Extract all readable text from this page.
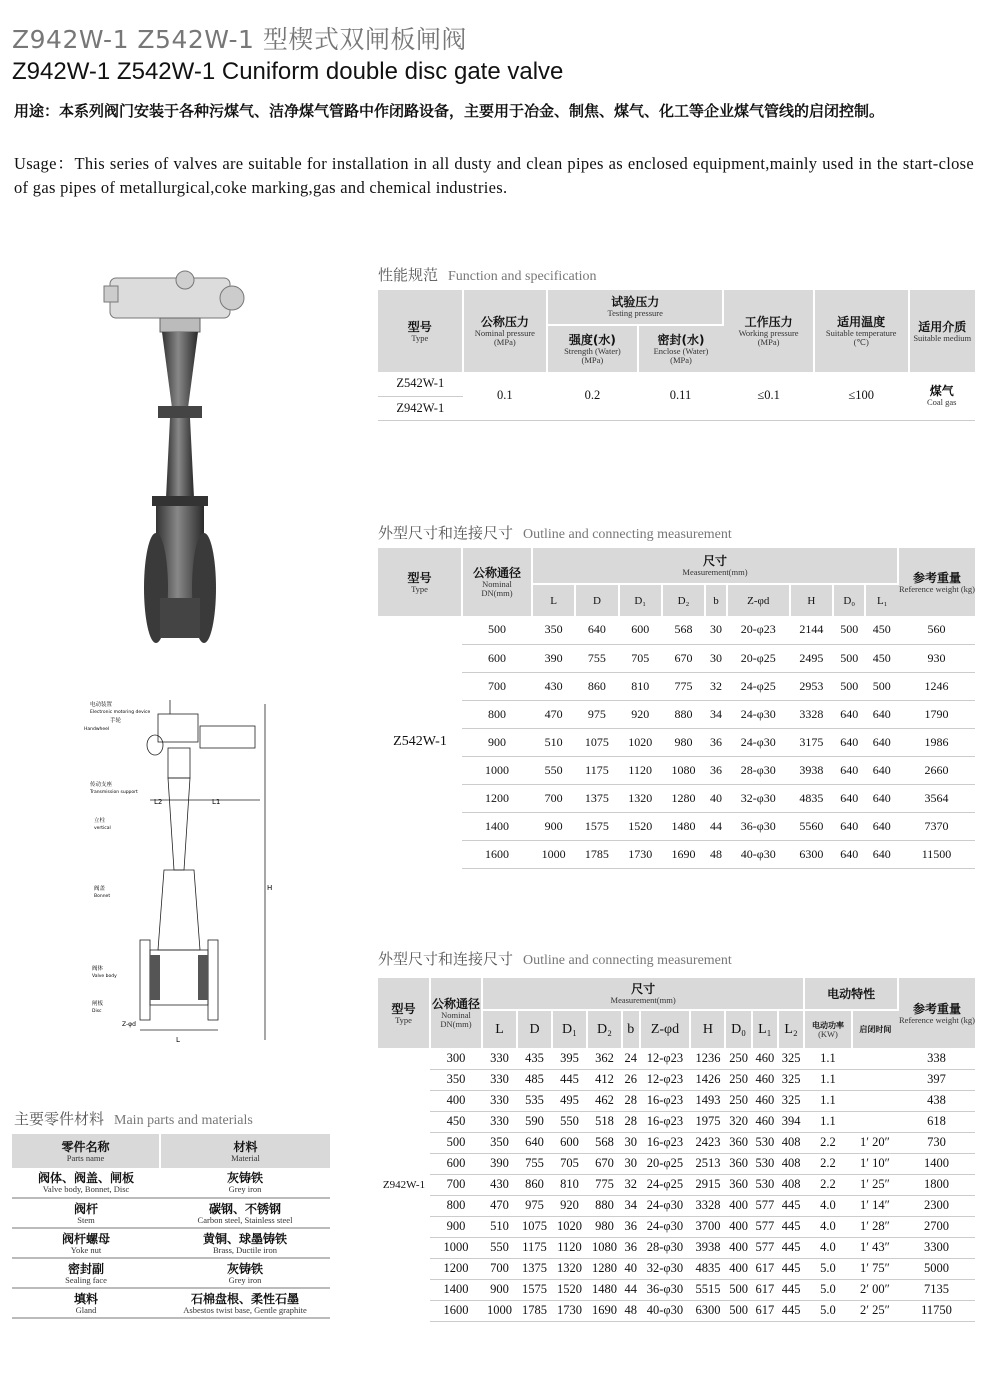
Z942W-1 Z542W-1 型楔式双闸板闸阀
Z942W-1 Z542W-1 Cuniform double disc gate valve
用途：本系列阀门安装于各种污煤气、洁净煤气管路中作闭路设备，主要用于冶金、制焦、煤气、化工等企业煤气管线的启闭控制。
Usage：This series of valves are suitable for installation in all dusty and clean pipes as enclosed equipment,mainly used in the start-close of gas pipes of metallurgical,coke marking,gas and chemical industries.
L2	L1
H
L
Z-φd
电动装置
Electronic motoring device
手轮
Handwheel
传动支座
Transmission support
立柱
vertical
阀盖
Bonnet
阀体
Valve body
闸板
Disc
性能规范 Function and specification
型号
Type	公称压力
Nominal pressure
(MPa)	试验压力
Testing pressure		工作压力
Working pressure
(MPa)	适用温度
Suitable temperature
(℃)	适用介质
Suitable medium

		强度(水)
Strength (Water)
(MPa)	密封(水)
Enclose (Water)
(MPa)			

Z542W-1	0.1	0.2	0.11	≤0.1	≤100	煤气
Coal gas

Z942W-1						
外型尺寸和连接尺寸 Outline and connecting measurement
型号
Type	公称通径
Nominal
DN(mm)	尺寸
Measurement(mm)									参考重量
Reference weight (kg)

		L	D	D₁	D₂	b	Z-φd	H	D₀	L₁	
Z542W-1	500	350	640	600	568	30	20-φ23	2144	500	450	560
	600	390	755	705	670	30	20-φ25	2495	500	450	930
	700	430	860	810	775	32	24-φ25	2953	500	500	1246
	800	470	975	920	880	34	24-φ30	3328	640	640	1790
	900	510	1075	1020	980	36	24-φ30	3175	640	640	1986
	1000	550	1175	1120	1080	36	28-φ30	3938	640	640	2660
	1200	700	1375	1320	1280	40	32-φ30	4835	640	640	3564
	1400	900	1575	1520	1480	44	36-φ30	5560	640	640	7370
	1600	1000	1785	1730	1690	48	40-φ30	6300	640	640	11500
外型尺寸和连接尺寸 Outline and connecting measurement
型号
Type	公称通径
Nominal
DN(mm)	尺寸
Measurement(mm)										电动特性		参考重量
Reference weight (kg)

		L	D	D₁	D₂	b	Z-φd	H	D₀	L₁	L₂	电动功率
(KW)	启闭时间	

Z942W-1	300	330	435	395	362	24	12-φ23	1236	250	460	325	1.1		338
	350	330	485	445	412	26	12-φ23	1426	250	460	325	1.1		397
	400	330	535	495	462	28	16-φ23	1493	250	460	325	1.1		438
	450	330	590	550	518	28	16-φ23	1975	320	460	394	1.1		618
	500	350	640	600	568	30	16-φ23	2423	360	530	408	2.2	1′ 20″	730
	600	390	755	705	670	30	20-φ25	2513	360	530	408	2.2	1′ 10″	1400
	700	430	860	810	775	32	24-φ25	2915	360	530	408	2.2	1′ 25″	1800
	800	470	975	920	880	34	24-φ30	3328	400	577	445	4.0	1′ 14″	2300
	900	510	1075	1020	980	36	24-φ30	3700	400	577	445	4.0	1′ 28″	2700
	1000	550	1175	1120	1080	36	28-φ30	3938	400	577	445	4.0	1′ 43″	3300
	1200	700	1375	1320	1280	40	32-φ30	4835	400	617	445	5.0	1′ 75″	5000
	1400	900	1575	1520	1480	44	36-φ30	5515	500	617	445	5.0	2′ 00″	7135
	1600	1000	1785	1730	1690	48	40-φ30	6300	500	617	445	5.0	2′ 25″	11750
主要零件材料 Main parts and materials
零件名称
Parts name	材料
Material

阀体、阀盖、闸板
Valve body, Bonnet, Disc	灰铸铁
Grey iron

阀杆
Stem	碳钢、不锈钢
Carbon steel, Stainless steel

阀杆螺母
Yoke nut	黄铜、球墨铸铁
Brass, Ductile iron

密封副
Sealing face	灰铸铁
Grey iron

填料
Gland	石棉盘根、柔性石墨
Asbestos twist base, Gentle graphite
